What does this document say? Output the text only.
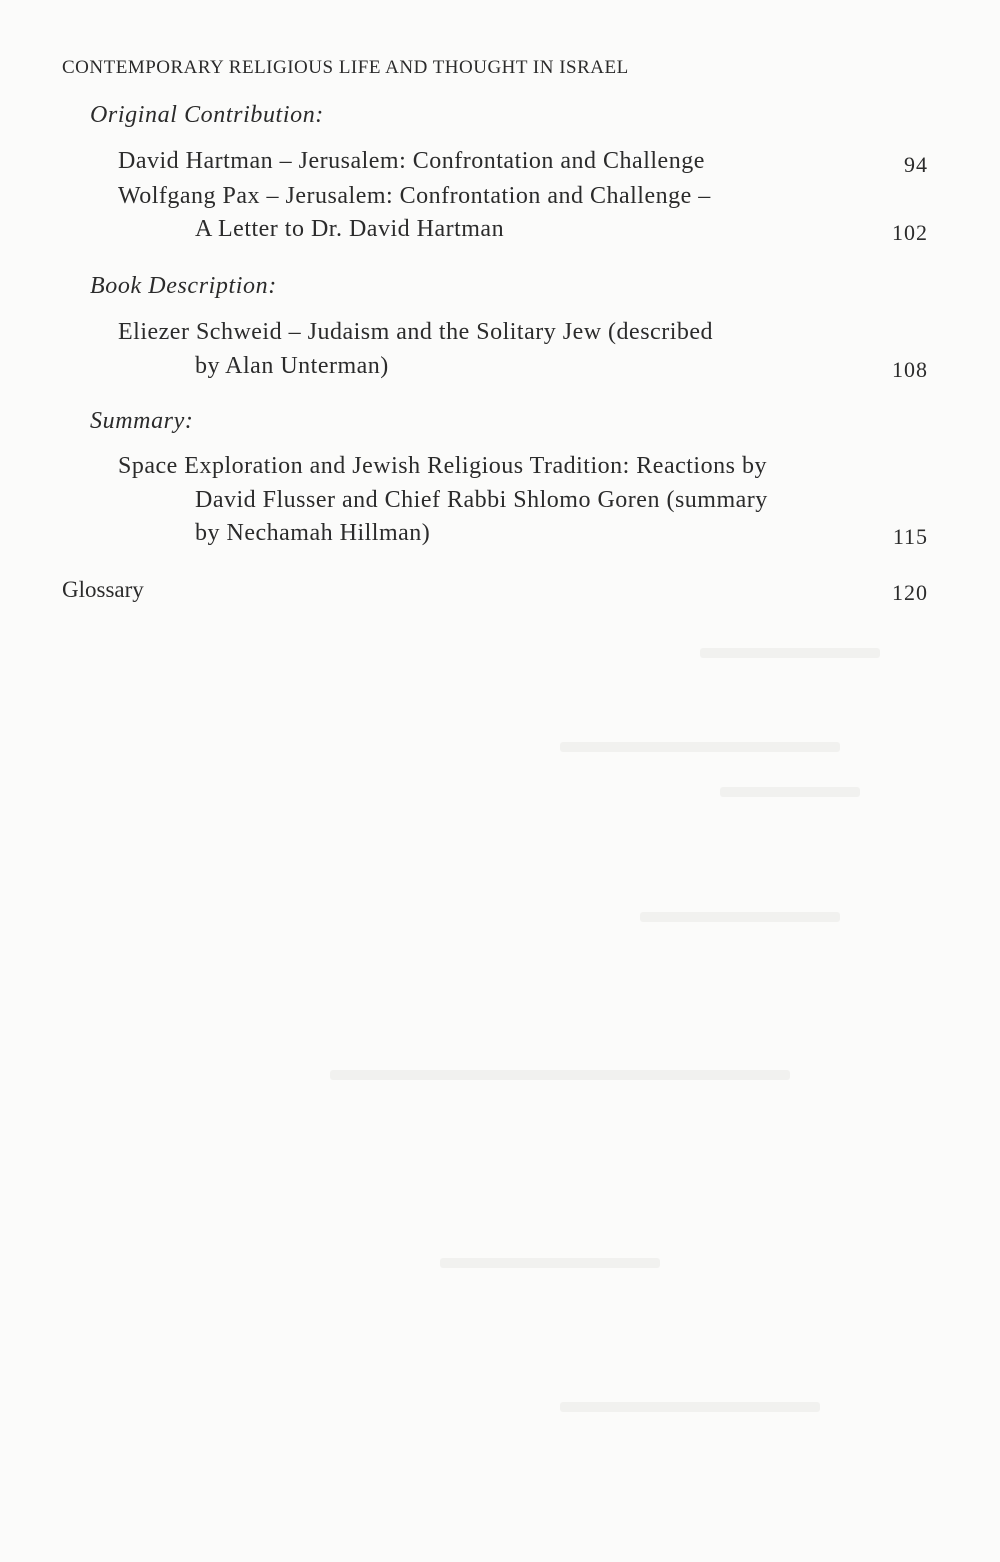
CONTEMPORARY RELIGIOUS LIFE AND THOUGHT IN ISRAEL
Original Contribution:
David Hartman – Jerusalem: Confrontation and Challenge	94
Wolfgang Pax – Jerusalem: Confrontation and Challenge –
A Letter to Dr. David Hartman	102
Book Description:
Eliezer Schweid – Judaism and the Solitary Jew (described
by Alan Unterman)	108
Summary:
Space Exploration and Jewish Religious Tradition: Reactions by
David Flusser and Chief Rabbi Shlomo Goren (summary
by Nechamah Hillman)	115
Glossary	120
